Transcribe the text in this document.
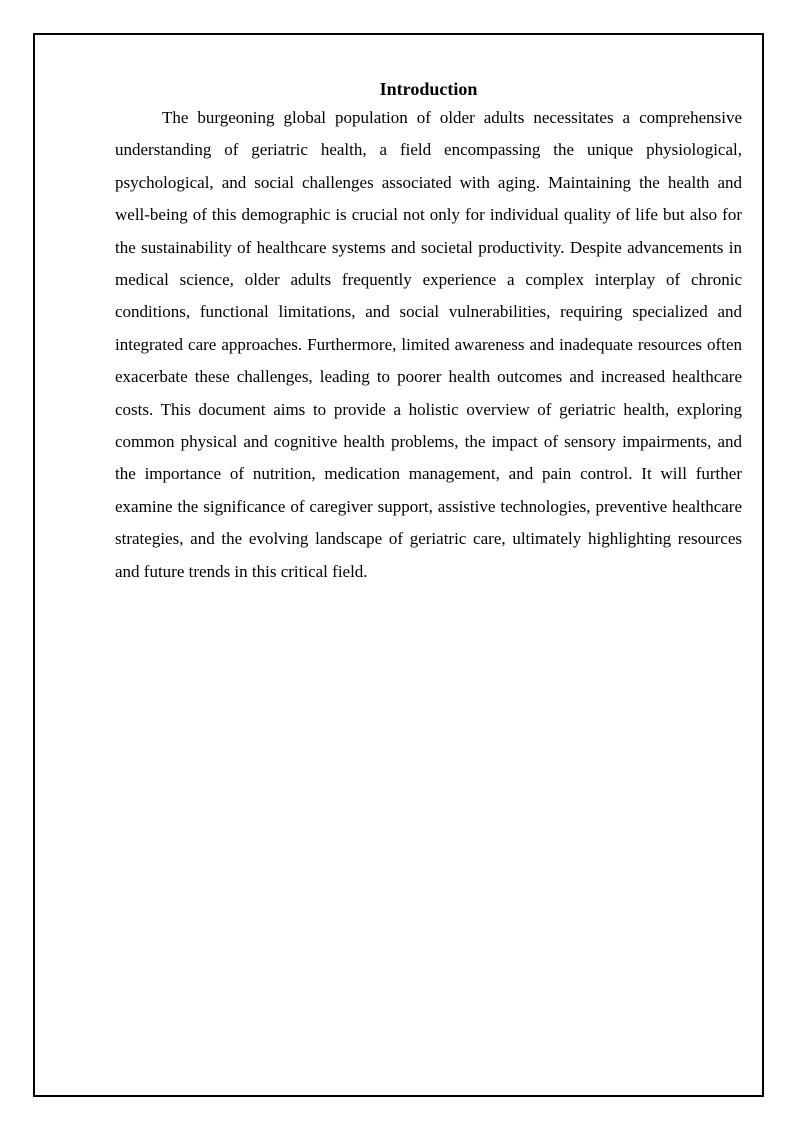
Introduction

The burgeoning global population of older adults necessitates a comprehensive understanding of geriatric health, a field encompassing the unique physiological, psychological, and social challenges associated with aging. Maintaining the health and well-being of this demographic is crucial not only for individual quality of life but also for the sustainability of healthcare systems and societal productivity. Despite advancements in medical science, older adults frequently experience a complex interplay of chronic conditions, functional limitations, and social vulnerabilities, requiring specialized and integrated care approaches. Furthermore, limited awareness and inadequate resources often exacerbate these challenges, leading to poorer health outcomes and increased healthcare costs. This document aims to provide a holistic overview of geriatric health, exploring common physical and cognitive health problems, the impact of sensory impairments, and the importance of nutrition, medication management, and pain control. It will further examine the significance of caregiver support, assistive technologies, preventive healthcare strategies, and the evolving landscape of geriatric care, ultimately highlighting resources and future trends in this critical field.
